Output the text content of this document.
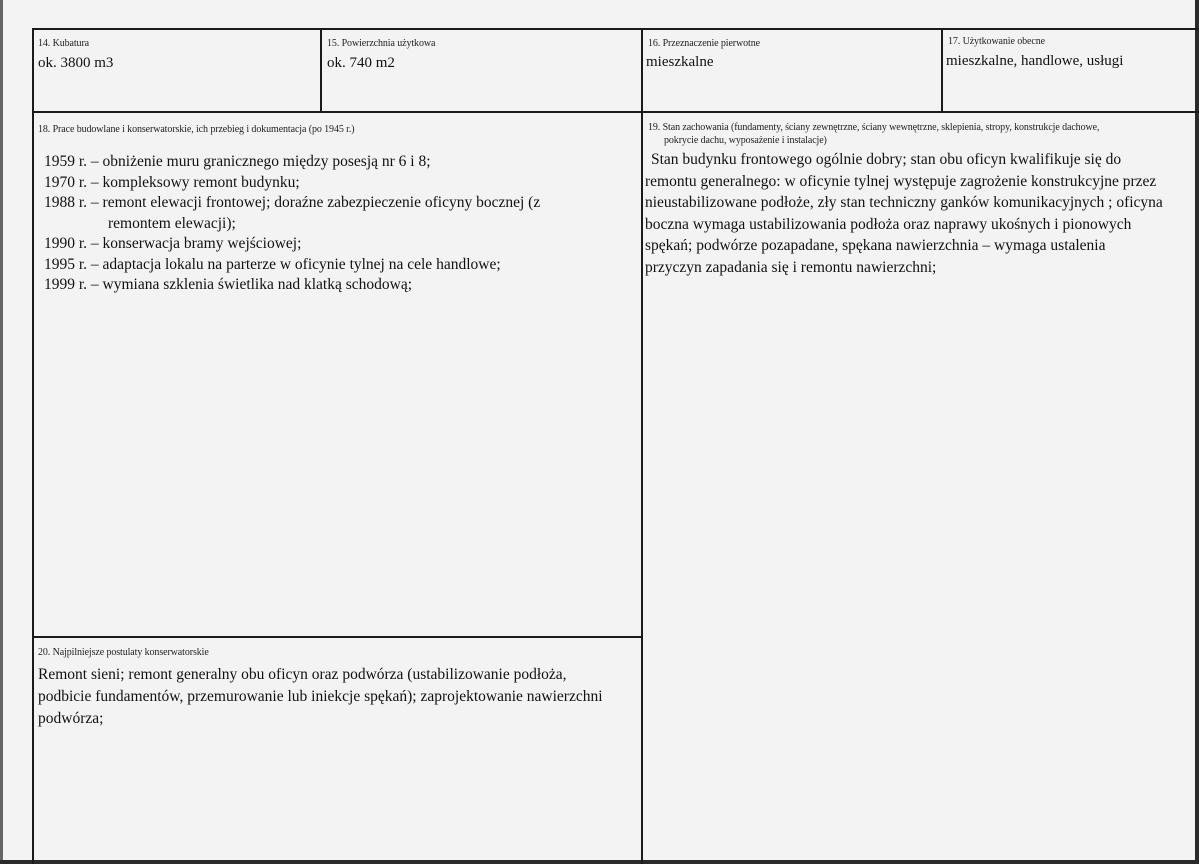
14. Kubatura
ok. 3800 m3
15. Powierzchnia użytkowa
ok. 740 m2
16. Przeznaczenie pierwotne
mieszkalne
17. Użytkowanie obecne
mieszkalne, handlowe, usługi
18. Prace budowlane i konserwatorskie, ich przebieg i dokumentacja (po 1945 r.)
1959 r. – obniżenie muru granicznego między posesją nr 6 i 8;
1970 r. – kompleksowy remont budynku;
1988 r. – remont elewacji frontowej; doraźne zabezpieczenie oficyny bocznej (z
remontem elewacji);
1990 r. – konserwacja bramy wejściowej;
1995 r. – adaptacja lokalu na parterze w oficynie tylnej na cele handlowe;
1999 r. – wymiana szklenia świetlika nad klatką schodową;
19. Stan zachowania (fundamenty, ściany zewnętrzne, ściany wewnętrzne, sklepienia, stropy, konstrukcje dachowe,
pokrycie dachu, wyposażenie i instalacje)
Stan budynku frontowego ogólnie dobry; stan obu oficyn kwalifikuje się do
remontu generalnego: w oficynie tylnej występuje zagrożenie konstrukcyjne przez
nieustabilizowane podłoże, zły stan techniczny ganków komunikacyjnych ; oficyna
boczna wymaga ustabilizowania podłoża oraz naprawy ukośnych i pionowych
spękań; podwórze pozapadane, spękana nawierzchnia – wymaga ustalenia
przyczyn zapadania się i remontu nawierzchni;
20. Najpilniejsze postulaty konserwatorskie
Remont sieni; remont generalny obu oficyn oraz podwórza (ustabilizowanie podłoża,
podbicie fundamentów, przemurowanie lub iniekcje spękań); zaprojektowanie nawierzchni
podwórza;
